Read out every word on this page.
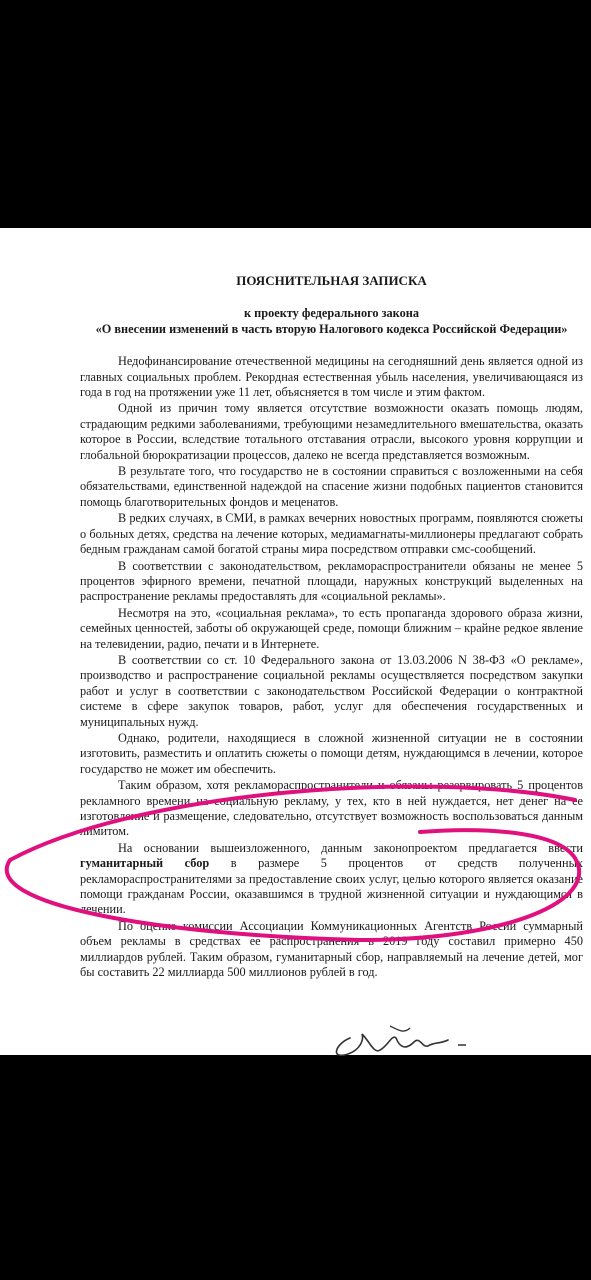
ПОЯСНИТЕЛЬНАЯ ЗАПИСКА

к проекту федерального закона

«О внесении изменений в часть вторую Налогового кодекса Российской Федерации»

Недофинансирование отечественной медицины на сегодняшний день является одной из главных социальных проблем. Рекордная естественная убыль населения, увеличивающаяся из года в год на протяжении уже 11 лет, объясняется в том числе и этим фактом.

Одной из причин тому является отсутствие возможности оказать помощь людям, страдающим редкими заболеваниями, требующими незамедлительного вмешательства, оказать которое в России, вследствие тотального отставания отрасли, высокого уровня коррупции и глобальной бюрократизации процессов, далеко не всегда представляется возможным.

В результате того, что государство не в состоянии справиться с возложенными на себя обязательствами, единственной надеждой на спасение жизни подобных пациентов становится помощь благотворительных фондов и меценатов.

В редких случаях, в СМИ, в рамках вечерних новостных программ, появляются сюжеты о больных детях, средства на лечение которых, медиамагнаты-миллионеры предлагают собрать бедным гражданам самой богатой страны мира посредством отправки смс-сообщений.

В соответствии с законодательством, рекламораспространители обязаны не менее 5 процентов эфирного времени, печатной площади, наружных конструкций выделенных на распространение рекламы предоставлять для «социальной рекламы».

Несмотря на это, «социальная реклама», то есть пропаганда здорового образа жизни, семейных ценностей, заботы об окружающей среде, помощи ближним – крайне редкое явление на телевидении, радио, печати и в Интернете.

В соответствии со ст. 10 Федерального закона от 13.03.2006 N 38-ФЗ «О рекламе», производство и распространение социальной рекламы осуществляется посредством закупки работ и услуг в соответствии с законодательством Российской Федерации о контрактной системе в сфере закупок товаров, работ, услуг для обеспечения государственных и муниципальных нужд.

Однако, родители, находящиеся в сложной жизненной ситуации не в состоянии изготовить, разместить и оплатить сюжеты о помощи детям, нуждающимся в лечении, которое государство не может им обеспечить.

Таким образом, хотя рекламораспространители и обязаны резервировать 5 процентов рекламного времени на социальную рекламу, у тех, кто в ней нуждается, нет денег на ее изготовление и размещение, следовательно, отсутствует возможность воспользоваться данным лимитом.

На основании вышеизложенного, данным законопроектом предлагается ввести гуманитарный сбор в размере 5 процентов от средств полученных рекламораспространителями за предоставление своих услуг, целью которого является оказание помощи гражданам России, оказавшимся в трудной жизненной ситуации и нуждающимся в лечении.

По оценке комиссии Ассоциации Коммуникационных Агентств России суммарный объем рекламы в средствах ее распространения в 2019 году составил примерно 450 миллиардов рублей. Таким образом, гуманитарный сбор, направляемый на лечение детей, мог бы составить 22 миллиарда 500 миллионов рублей в год.
